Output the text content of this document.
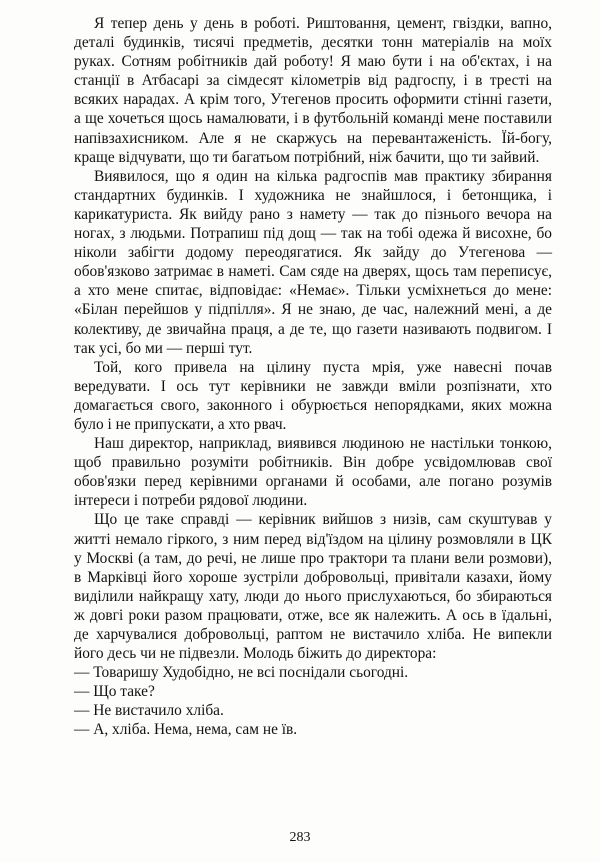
Я тепер день у день в роботі. Риштовання, цемент, гвіздки, вапно, деталі будинків, тисячі предметів, десятки тонн матеріалів на моїх руках. Сотням робітників дай роботу! Я маю бути і на об'єктах, і на станції в Атбасарі за сімдесят кілометрів від радгоспу, і в тресті на всяких нарадах. А крім того, Утегенов просить оформити стінні газети, а ще хочеться щось намалювати, і в футбольній команді мене поставили напівзахисником. Але я не скаржусь на перевантаженість. Їй-богу, краще відчувати, що ти багатьом потрібний, ніж бачити, що ти зайвий.

Виявилося, що я один на кілька радгоспів мав практику збирання стандартних будинків. І художника не знайшлося, і бетонщика, і карикатуриста. Як вийду рано з намету — так до пізнього вечора на ногах, з людьми. Потрапиш під дощ — так на тобі одежа й висохне, бо ніколи забігти додому переодягатися. Як зайду до Утегенова — обов'язково затримає в наметі. Сам сяде на дверях, щось там переписує, а хто мене спитає, відповідає: «Немає». Тільки усміхнеться до мене: «Білан перейшов у підпілля». Я не знаю, де час, належний мені, а де колективу, де звичайна праця, а де те, що газети називають подвигом. І так усі, бо ми — перші тут.

Той, кого привела на цілину пуста мрія, уже навесні почав вередувати. І ось тут керівники не завжди вміли розпізнати, хто домагається свого, законного і обурюється непорядками, яких можна було і не припускати, а хто рвач.

Наш директор, наприклад, виявився людиною не настільки тонкою, щоб правильно розуміти робітників. Він добре усвідомлював свої обов'язки перед керівними органами й особами, але погано розумів інтереси і потреби рядової людини.

Що це таке справді — керівник вийшов з низів, сам скуштував у житті немало гіркого, з ним перед від'їздом на цілину розмовляли в ЦК у Москві (а там, до речі, не лише про трактори та плани вели розмови), в Марківці його хороше зустріли добровольці, привітали казахи, йому виділили найкращу хату, люди до нього прислухаються, бо збираються ж довгі роки разом працювати, отже, все як належить. А ось в їдальні, де харчувалися добровольці, раптом не вистачило хліба. Не випекли його десь чи не підвезли. Молодь біжить до директора:

— Товаришу Худобідно, не всі поснідали сьогодні.

— Що таке?

— Не вистачило хліба.

— А, хліба. Нема, нема, сам не їв.

283
